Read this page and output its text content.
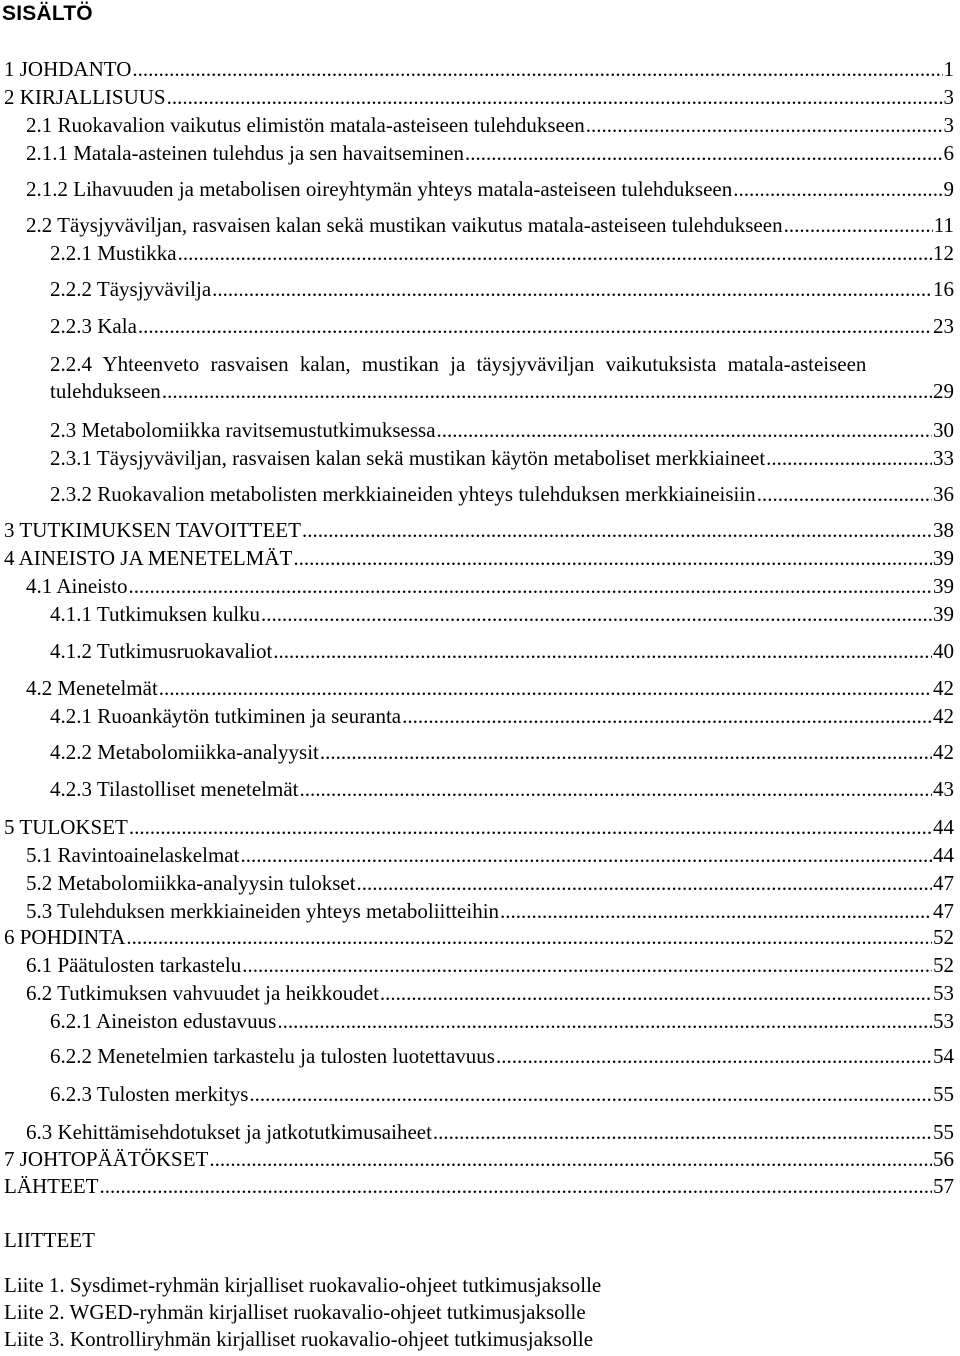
SISÄLTÖ
1 JOHDANTO .....	1
2 KIRJALLISUUS .....	3
2.1 Ruokavalion vaikutus elimistön matala-asteiseen tulehdukseen .....	3
2.1.1 Matala-asteinen tulehdus ja sen havaitseminen .....	6
2.1.2 Lihavuuden ja metabolisen oireyhtymän yhteys matala-asteiseen tulehdukseen .....	9
2.2 Täysjyväviljan, rasvaisen kalan sekä mustikan vaikutus matala-asteiseen tulehdukseen .....	11
2.2.1 Mustikka .....	12
2.2.2 Täysjyvävilja .....	16
2.2.3 Kala .....	23
2.2.4 Yhteenveto rasvaisen kalan, mustikan ja täysjyväviljan vaikutuksista matala-asteiseen
tulehdukseen .....	29
2.3 Metabolomiikka ravitsemustutkimuksessa .....	30
2.3.1 Täysjyväviljan, rasvaisen kalan sekä mustikan käytön metaboliset merkkiaineet .....	33
2.3.2 Ruokavalion metabolisten merkkiaineiden yhteys tulehduksen merkkiaineisiin .....	36
3 TUTKIMUKSEN TAVOITTEET .....	38
4 AINEISTO JA MENETELMÄT .....	39
4.1 Aineisto .....	39
4.1.1 Tutkimuksen kulku .....	39
4.1.2 Tutkimusruokavaliot .....	40
4.2 Menetelmät .....	42
4.2.1 Ruoankäytön tutkiminen ja seuranta .....	42
4.2.2 Metabolomiikka-analyysit .....	42
4.2.3 Tilastolliset menetelmät .....	43
5 TULOKSET .....	44
5.1 Ravintoainelaskelmat .....	44
5.2 Metabolomiikka-analyysin tulokset .....	47
5.3 Tulehduksen merkkiaineiden yhteys metaboliitteihin .....	47
6 POHDINTA .....	52
6.1 Päätulosten tarkastelu .....	52
6.2 Tutkimuksen vahvuudet ja heikkoudet .....	53
6.2.1 Aineiston edustavuus .....	53
6.2.2 Menetelmien tarkastelu ja tulosten luotettavuus .....	54
6.2.3 Tulosten merkitys .....	55
6.3 Kehittämisehdotukset ja jatkotutkimusaiheet .....	55
7 JOHTOPÄÄTÖKSET .....	56
LÄHTEET .....	57
LIITTEET
Liite 1. Sysdimet-ryhmän kirjalliset ruokavalio-ohjeet tutkimusjaksolle
Liite 2. WGED-ryhmän kirjalliset ruokavalio-ohjeet tutkimusjaksolle
Liite 3. Kontrolliryhmän kirjalliset ruokavalio-ohjeet tutkimusjaksolle
